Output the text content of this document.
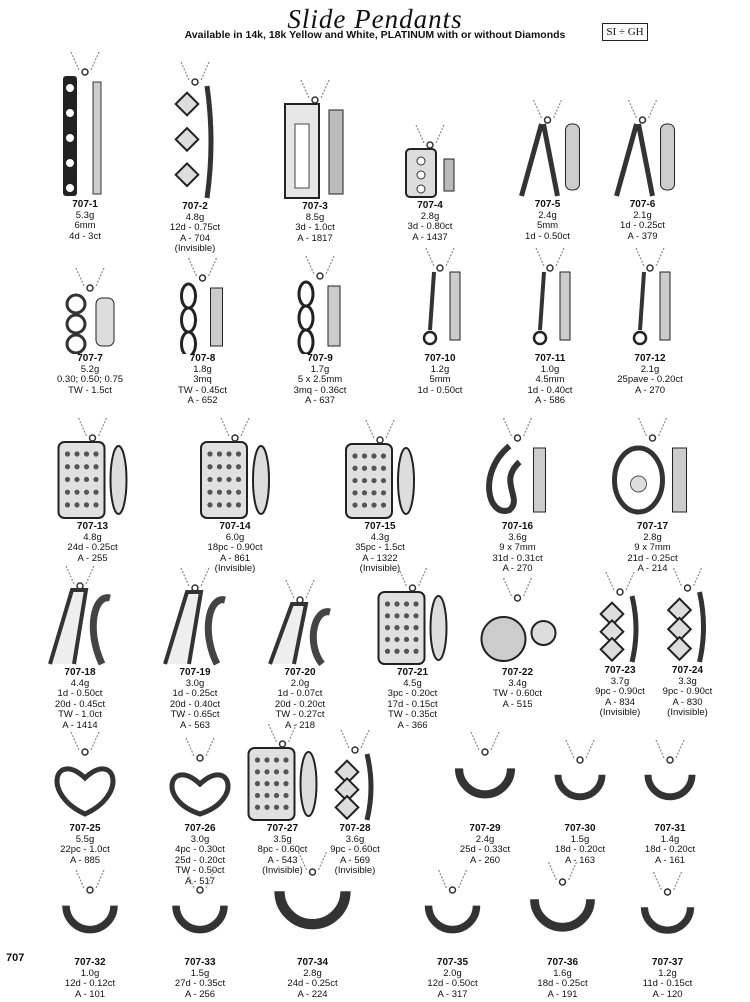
Slide Pendants
Available in 14k, 18k Yellow and White, PLATINUM with or without Diamonds	SI ÷ GH
707
707-1
5.3g
6mm
4d - 3ct
707-2
4.8g
12d - 0.75ct
A - 704
(Invisible)
707-3
8.5g
3d - 1.0ct
A - 1817
707-4
2.8g
3d - 0.80ct
A - 1437
707-5
2.4g
5mm
1d - 0.50ct
707-6
2.1g
1d - 0.25ct
A - 379
707-7
5.2g
0.30; 0.50; 0.75
TW - 1.5ct
707-8
1.8g
3mq
TW - 0.45ct
A - 652
707-9
1.7g
5 x 2.5mm
3mq - 0.36ct
A - 637
707-10
1.2g
5mm
1d - 0.50ct
707-11
1.0g
4.5mm
1d - 0.40ct
A - 586
707-12
2.1g
25pave - 0.20ct
A - 270
707-13
4.8g
24d - 0.25ct
A - 255
707-14
6.0g
18pc - 0.90ct
A - 861
(Invisible)
707-15
4.3g
35pc - 1.5ct
A - 1322
(Invisible)
707-16
3.6g
9 x 7mm
31d - 0.31ct
A - 270
707-17
2.8g
9 x 7mm
21d - 0.25ct
A - 214
707-18
4.4g
1d - 0.50ct
20d - 0.45ct
TW - 1.0ct
A - 1414
707-19
3.0g
1d - 0.25ct
20d - 0.40ct
TW - 0.65ct
A - 563
707-20
2.0g
1d - 0.07ct
20d - 0.20ct
TW - 0.27ct
A - 218
707-21
4.5g
3pc - 0.20ct
17d - 0.15ct
TW - 0.35ct
A - 366
707-22
3.4g
TW - 0.60ct
A - 515
707-23
3.7g
9pc - 0.90ct
A - 834
(Invisible)
707-24
3.3g
9pc - 0.90ct
A - 830
(Invisible)
707-25
5.5g
22pc - 1.0ct
A - 885
707-26
3.0g
4pc - 0.30ct
25d - 0.20ct
TW - 0.50ct
A - 517
707-27
3.5g
8pc - 0.60ct
A - 543
(Invisible)
707-28
3.6g
9pc - 0.60ct
A - 569
(Invisible)
707-29
2.4g
25d - 0.33ct
A - 260
707-30
1.5g
18d - 0.20ct
A - 163
707-31
1.4g
18d - 0.20ct
A - 161
707-32
1.0g
12d - 0.12ct
A - 101
707-33
1.5g
27d - 0.35ct
A - 256
707-34
2.8g
24d - 0.25ct
A - 224
707-35
2.0g
12d - 0.50ct
A - 317
707-36
1.6g
18d - 0.25ct
A - 191
707-37
1.2g
11d - 0.15ct
A - 120
